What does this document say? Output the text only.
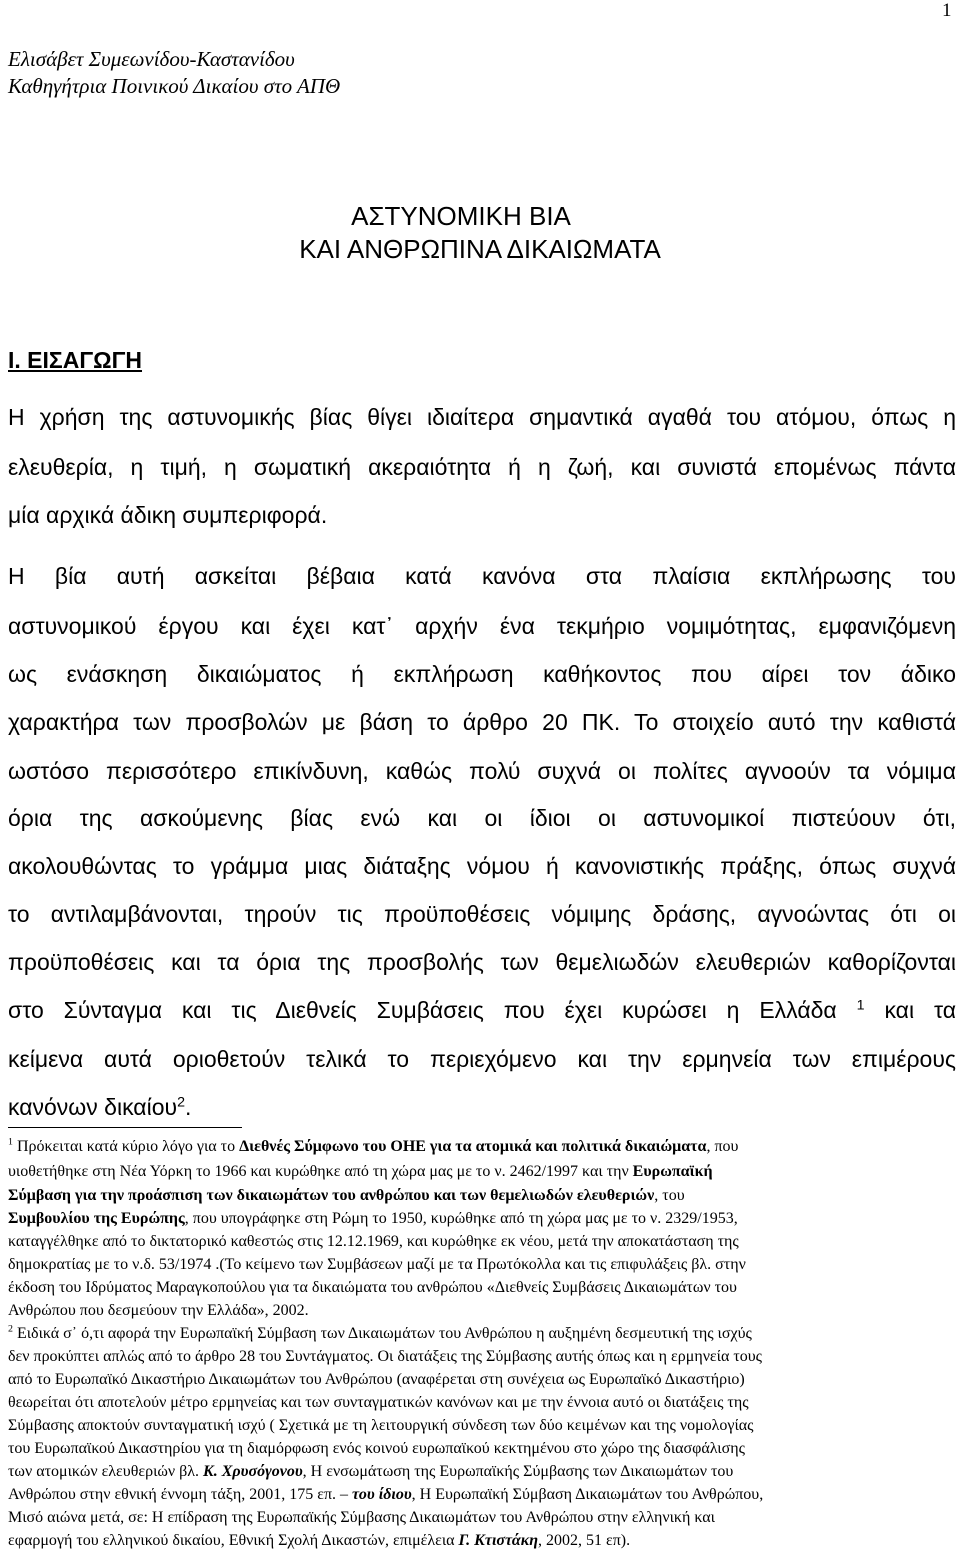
1
Ελισάβετ Συμεωνίδου-Καστανίδου
Καθηγήτρια Ποινικού Δικαίου στο ΑΠΘ
ΑΣΤΥΝΟΜΙΚΗ ΒΙΑ
ΚΑΙ ΑΝΘΡΩΠΙΝΑ ΔΙΚΑΙΩΜΑΤΑ
Ι. ΕΙΣΑΓΩΓΗ
Η χρήση της αστυνομικής βίας θίγει ιδιαίτερα σημαντικά αγαθά του ατόμου, όπως η
ελευθερία, η τιμή, η σωματική ακεραιότητα ή η ζωή, και συνιστά επομένως πάντα
μία αρχικά άδικη συμπεριφορά.
Η βία αυτή ασκείται βέβαια κατά κανόνα στα πλαίσια εκπλήρωσης του
αστυνομικού έργου και έχει κατ᾽ αρχήν ένα τεκμήριο νομιμότητας, εμφανιζόμενη
ως ενάσκηση δικαιώματος ή εκπλήρωση καθήκοντος που αίρει τον άδικο
χαρακτήρα των προσβολών με βάση το άρθρο 20 ΠΚ. Το στοιχείο αυτό την καθιστά
ωστόσο περισσότερο επικίνδυνη, καθώς πολύ συχνά οι πολίτες αγνοούν τα νόμιμα
όρια της ασκούμενης βίας ενώ και οι ίδιοι οι αστυνομικοί πιστεύουν ότι,
ακολουθώντας το γράμμα μιας διάταξης νόμου ή κανονιστικής πράξης, όπως συχνά
το αντιλαμβάνονται, τηρούν τις προϋποθέσεις νόμιμης δράσης, αγνοώντας ότι οι
προϋποθέσεις και τα όρια της προσβολής των θεμελιωδών ελευθεριών καθορίζονται
στο Σύνταγμα και τις Διεθνείς Συμβάσεις που έχει κυρώσει η Ελλάδα $^1$ και τα
κείμενα αυτά οριοθετούν τελικά το περιεχόμενο και την ερμηνεία των επιμέρους
κανόνων δικαίου$^2$.
$^1$ Πρόκειται κατά κύριο λόγο για το Διεθνές Σύμφωνο του ΟΗΕ για τα ατομικά και πολιτικά δικαιώματα, που
υιοθετήθηκε στη Νέα Υόρκη το 1966 και κυρώθηκε από τη χώρα μας με το ν. 2462/1997 και την Ευρωπαϊκή
Σύμβαση για την προάσπιση των δικαιωμάτων του ανθρώπου και των θεμελιωδών ελευθεριών, του
Συμβουλίου της Ευρώπης, που υπογράφηκε στη Ρώμη το 1950, κυρώθηκε από τη χώρα μας με το ν. 2329/1953,
καταγγέλθηκε από το δικτατορικό καθεστώς στις 12.12.1969, και κυρώθηκε εκ νέου, μετά την αποκατάσταση της
δημοκρατίας με το ν.δ. 53/1974 .(Το κείμενο των Συμβάσεων μαζί με τα Πρωτόκολλα και τις επιφυλάξεις βλ. στην
έκδοση του Ιδρύματος Μαραγκοπούλου για τα δικαιώματα του ανθρώπου «Διεθνείς Συμβάσεις Δικαιωμάτων του
Ανθρώπου που δεσμεύουν την Ελλάδα», 2002.
$^2$ Ειδικά σ᾽ ό,τι αφορά την Ευρωπαϊκή Σύμβαση των Δικαιωμάτων του Ανθρώπου η αυξημένη δεσμευτική της ισχύς
δεν προκύπτει απλώς από το άρθρο 28 του Συντάγματος. Οι διατάξεις της Σύμβασης αυτής όπως και η ερμηνεία τους
από το Ευρωπαϊκό Δικαστήριο Δικαιωμάτων του Ανθρώπου (αναφέρεται στη συνέχεια ως Ευρωπαϊκό Δικαστήριο)
θεωρείται ότι αποτελούν μέτρο ερμηνείας και των συνταγματικών κανόνων και με την έννοια αυτό οι διατάξεις της
Σύμβασης αποκτούν συνταγματική ισχύ ( Σχετικά με τη λειτουργική σύνδεση των δύο κειμένων και της νομολογίας
του Ευρωπαϊκού Δικαστηρίου για τη διαμόρφωση ενός κοινού ευρωπαϊκού κεκτημένου στο χώρο της διασφάλισης
των ατομικών ελευθεριών βλ. Κ. Χρυσόγονου, Η ενσωμάτωση της Ευρωπαϊκής Σύμβασης των Δικαιωμάτων του
Ανθρώπου στην εθνική έννομη τάξη, 2001, 175 επ. – του ίδιου, Η Ευρωπαϊκή Σύμβαση Δικαιωμάτων του Ανθρώπου,
Μισό αιώνα μετά, σε: Η επίδραση της Ευρωπαϊκής Σύμβασης Δικαιωμάτων του Ανθρώπου στην ελληνική και
εφαρμογή του ελληνικού δικαίου, Εθνική Σχολή Δικαστών, επιμέλεια Γ. Κτιστάκη, 2002, 51 επ).
